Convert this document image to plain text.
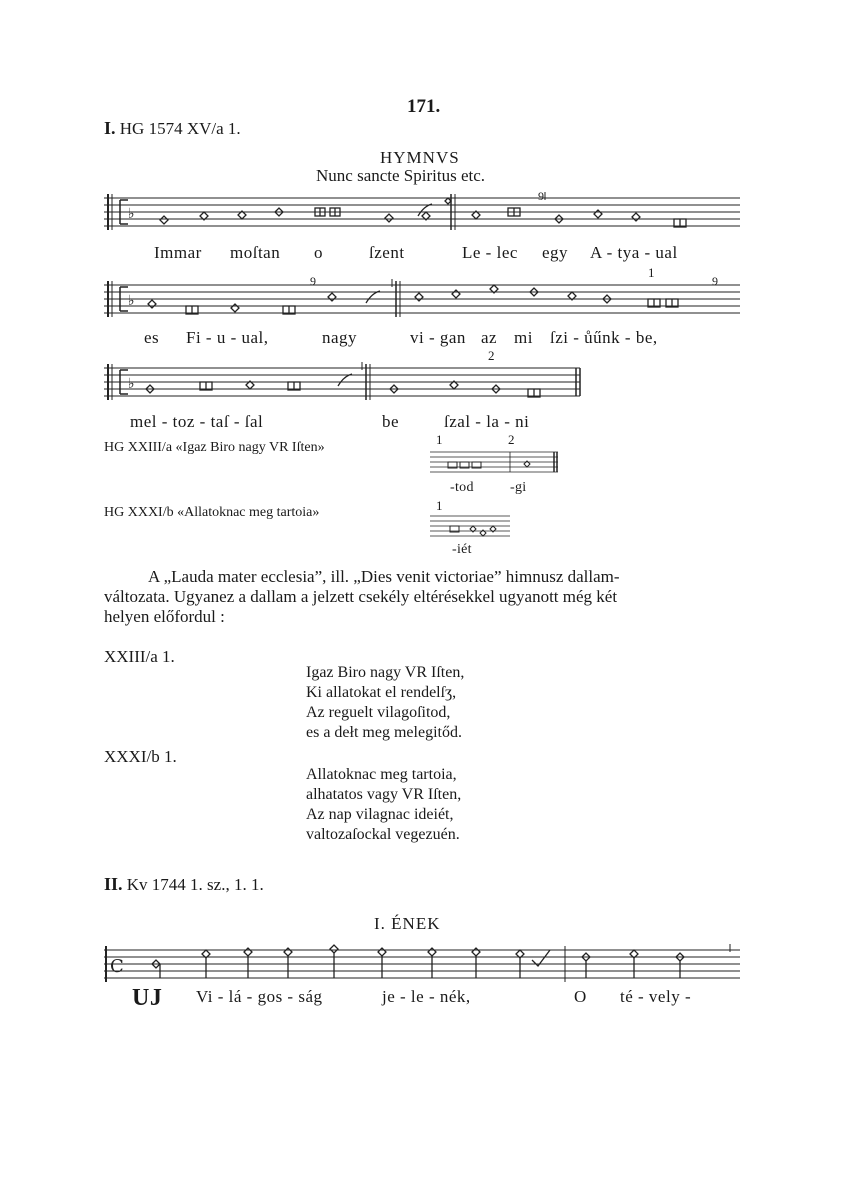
171.
I. HG 1574 XV/a 1.
HYMNVS
Nunc sancte Spiritus etc.
♭
9
Immar moſtan o	ſzent	Le - lec egy A - tya - ual
1
♭
9
9
es Fi - u - ual,	nagy	vi - gan az mi ſzi - ůűnk - be,
2
♭
mel - toz - taſ - ſal	be	ſzal - la - ni
HG XXIII/a «Igaz Biro nagy VR Iſten»
1	2
-tod	-gi
HG XXXI/b «Allatoknac meg tartoia»	1
-iét
A „Lauda mater ecclesia”, ill. „Dies venit victoriae” himnusz dallam-
változata. Ugyanez a dallam a jelzett csekély eltérésekkel ugyanott még két
helyen előfordul :
XXIII/a 1.
Igaz Biro nagy VR Iſten,
Ki allatokat el rendelſʒ,
Az reguelt vilagoſitod,
es a dełt meg melegitőd.
XXXI/b 1.
Allatoknac meg tartoia,
alhatatos vagy VR Iſten,
Az nap vilagnac ideiét,
valtozaſockal vegezuén.
II. Kv 1744 1. sz., 1. 1.
I. ÉNEK
C
UJ Vi - lá - gos - ság	je - le - nék,	O té - vely -
